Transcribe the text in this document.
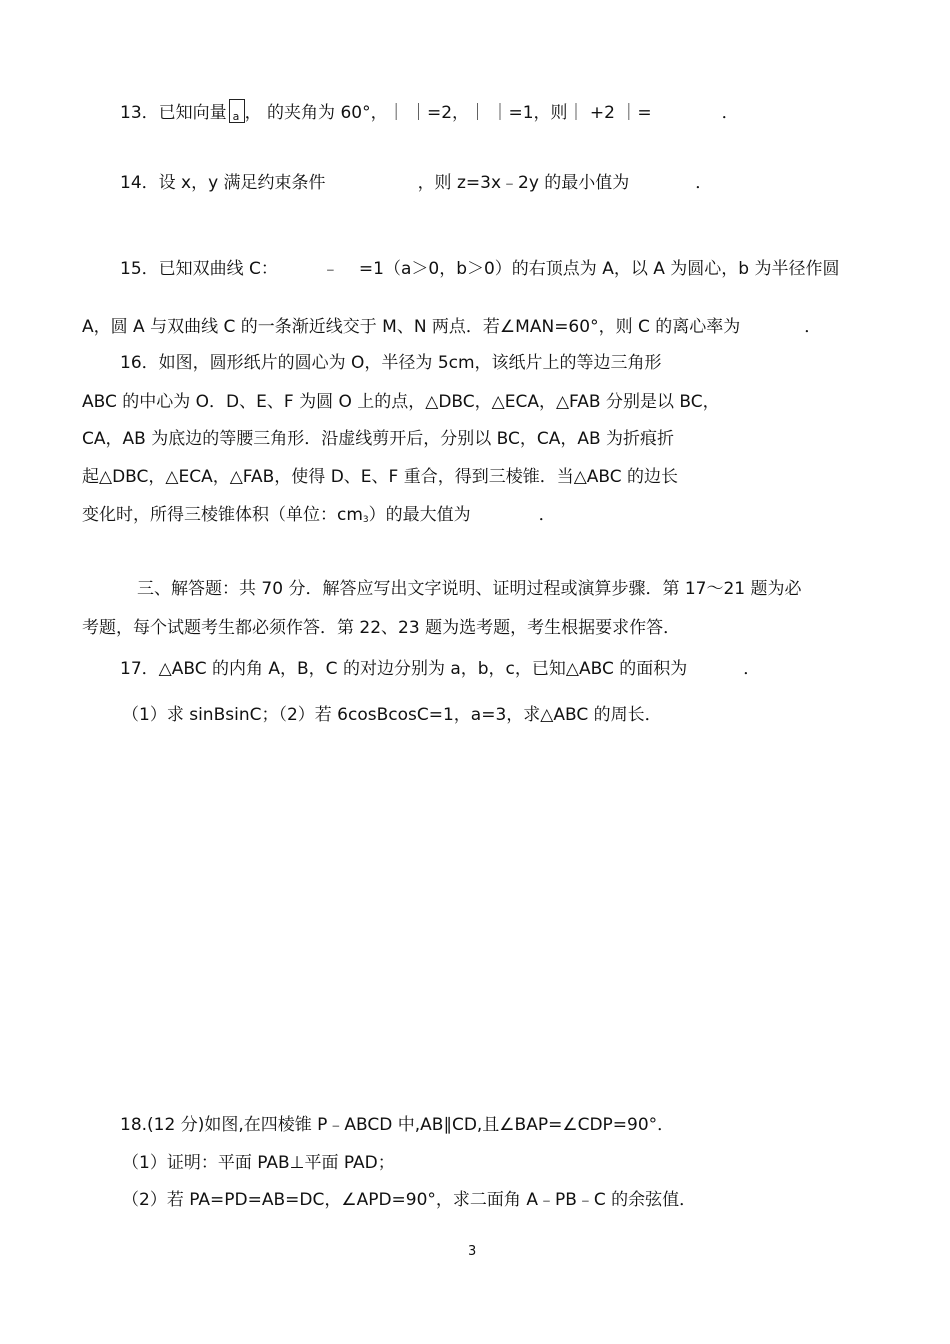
13．已知向量 a ， 的夹角为 60°，｜ ｜=2，｜ ｜=1，则｜ +2 ｜=	．
14．设 x，y 满足约束条件	，则 z=3x﹣2y 的最小值为	．
15．已知双曲线 C：	﹣ =1（a＞0，b＞0）的右顶点为 A，以 A 为圆心，b 为半径作圆
A，圆 A 与双曲线 C 的一条渐近线交于 M、N 两点．若∠MAN=60°，则 C 的离心率为	．
16．如图，圆形纸片的圆心为 O，半径为 5cm，该纸片上的等边三角形
ABC 的中心为 O．D、E、F 为圆 O 上的点，△DBC，△ECA，△FAB 分别是以 BC，
CA，AB 为底边的等腰三角形．沿虚线剪开后，分别以 BC，CA，AB 为折痕折
起△DBC，△ECA，△FAB，使得 D、E、F 重合，得到三棱锥．当△ABC 的边长
变化时，所得三棱锥体积（单位：cm3）的最大值为	．
三、解答题：共 70 分．解答应写出文字说明、证明过程或演算步骤．第 17～21 题为必
考题，每个试题考生都必须作答．第 22、23 题为选考题，考生根据要求作答．
17．△ABC 的内角 A，B，C 的对边分别为 a，b，c，已知△ABC 的面积为	．
（1）求 sinBsinC；（2）若 6cosBcosC=1，a=3，求△ABC 的周长．
18.(12 分)如图,在四棱锥 P﹣ABCD 中,AB∥CD,且∠BAP=∠CDP=90°．
（1）证明：平面 PAB⊥平面 PAD；
（2）若 PA=PD=AB=DC，∠APD=90°，求二面角 A﹣PB﹣C 的余弦值．
3
